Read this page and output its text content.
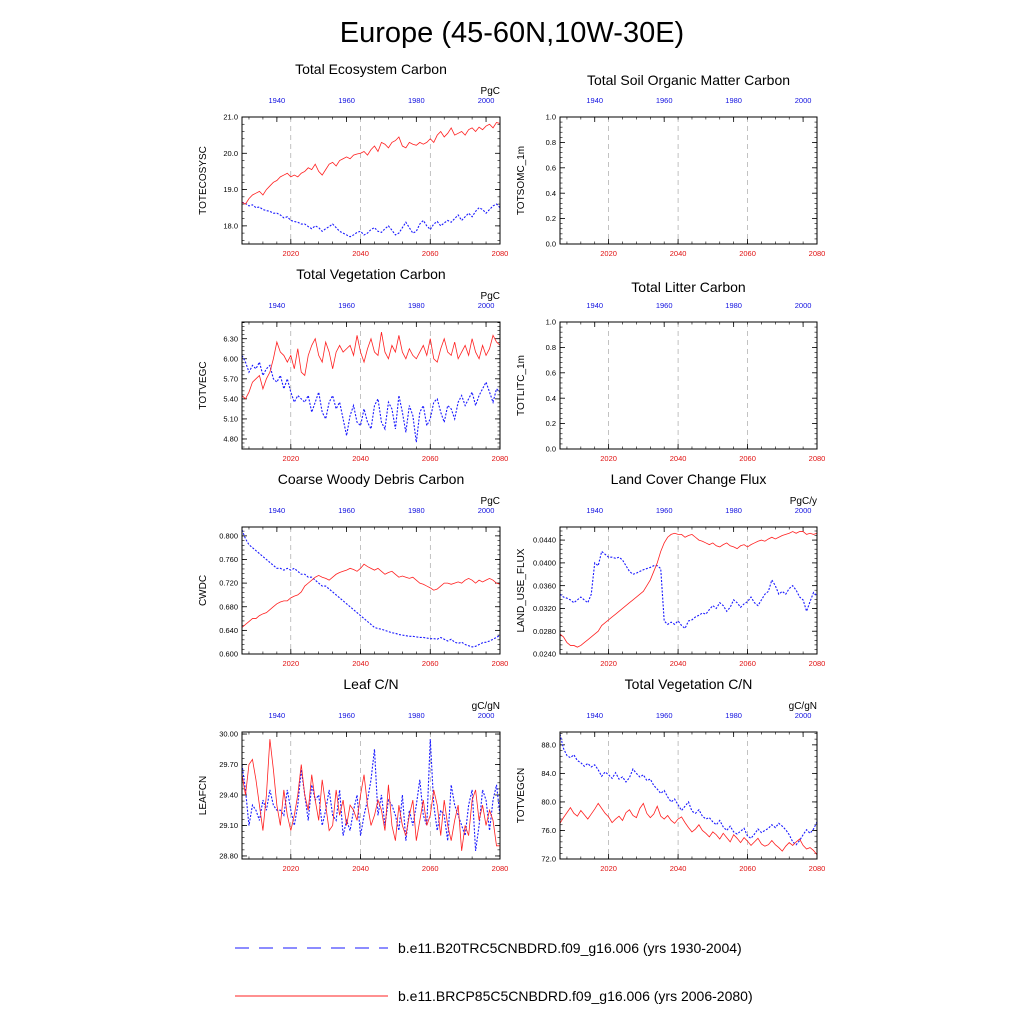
Europe (45-60N,10W-30E)
Total Ecosystem Carbon
PgC
TOTECOSYSC
18.0
19.0
20.0
21.0
2020	2040	2060	2080
1940	1960	1980	2000
Total Soil Organic Matter Carbon
TOTSOMC_1m
0.0
0.2
0.4
0.6
0.8
1.0
2020	2040	2060	2080
1940	1960	1980	2000
Total Vegetation Carbon
PgC
TOTVEGC
4.80
5.10
5.40
5.70
6.00
6.30
2020	2040	2060	2080
1940	1960	1980	2000
Total Litter Carbon
TOTLITC_1m
0.0
0.2
0.4
0.6
0.8
1.0
2020	2040	2060	2080
1940	1960	1980	2000
Coarse Woody Debris Carbon
PgC
CWDC
0.600
0.640
0.680
0.720
0.760
0.800
2020	2040	2060	2080
1940	1960	1980	2000
Land Cover Change Flux
PgC/y
LAND_USE_FLUX
0.0240
0.0280
0.0320
0.0360
0.0400
0.0440
2020	2040	2060	2080
1940	1960	1980	2000
Leaf C/N
gC/gN
LEAFCN
28.80
29.10
29.40
29.70
30.00
2020	2040	2060	2080
1940	1960	1980	2000
Total Vegetation C/N
gC/gN
TOTVEGCN
72.0
76.0
80.0
84.0
88.0
2020	2040	2060	2080
1940	1960	1980	2000
b.e11.B20TRC5CNBDRD.f09_g16.006 (yrs 1930-2004)
b.e11.BRCP85C5CNBDRD.f09_g16.006 (yrs 2006-2080)
